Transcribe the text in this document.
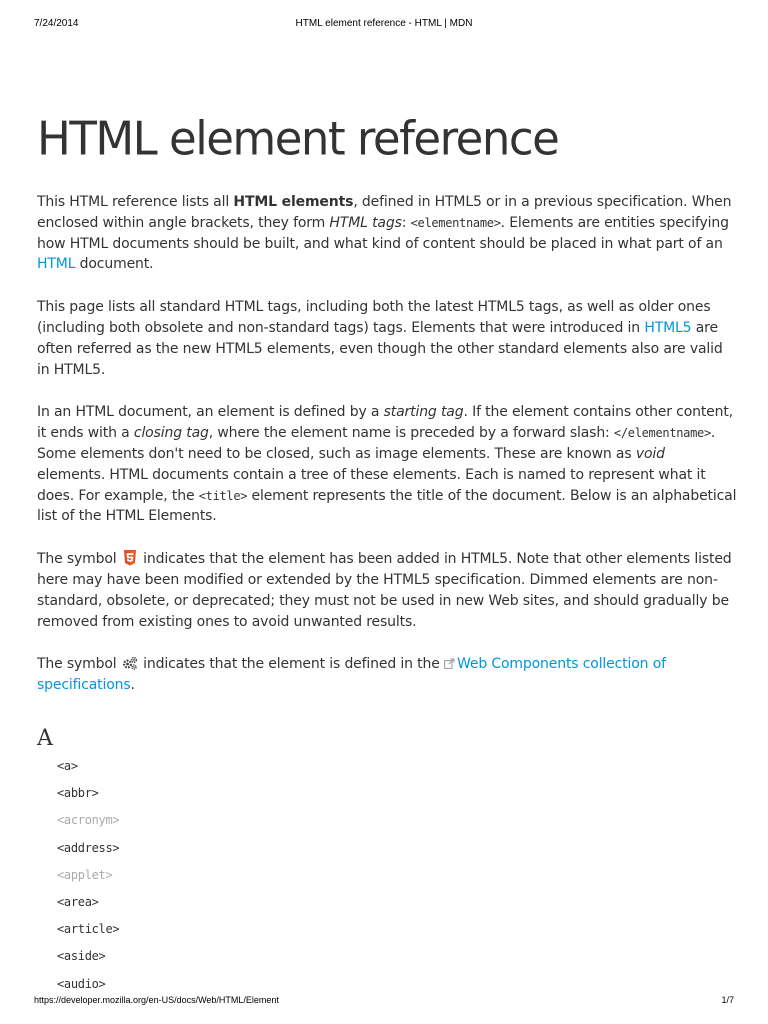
7/24/2014	HTML element reference - HTML | MDN
HTML element reference

This HTML reference lists all HTML elements, defined in HTML5 or in a previous specification. When enclosed within angle brackets, they form HTML tags: <elementname>. Elements are entities specifying how HTML documents should be built, and what kind of content should be placed in what part of an HTML document.

This page lists all standard HTML tags, including both the latest HTML5 tags, as well as older ones (including both obsolete and non-standard tags) tags. Elements that were introduced in HTML5 are often referred as the new HTML5 elements, even though the other standard elements also are valid in HTML5.

In an HTML document, an element is defined by a starting tag. If the element contains other content, it ends with a closing tag, where the element name is preceded by a forward slash: </elementname>. Some elements don't need to be closed, such as image elements. These are known as void elements. HTML documents contain a tree of these elements. Each is named to represent what it does. For example, the <title> element represents the title of the document. Below is an alphabetical list of the HTML Elements.

The symbol  indicates that the element has been added in HTML5. Note that other elements listed here may have been modified or extended by the HTML5 specification. Dimmed elements are non-standard, obsolete, or deprecated; they must not be used in new Web sites, and should gradually be removed from existing ones to avoid unwanted results.

The symbol  indicates that the element is defined in the Web Components collection of specifications.

A
<a>
<abbr>
<acronym>
<address>
<applet>
<area>
<article>
<aside>
<audio>
https://developer.mozilla.org/en-US/docs/Web/HTML/Element	1/7
